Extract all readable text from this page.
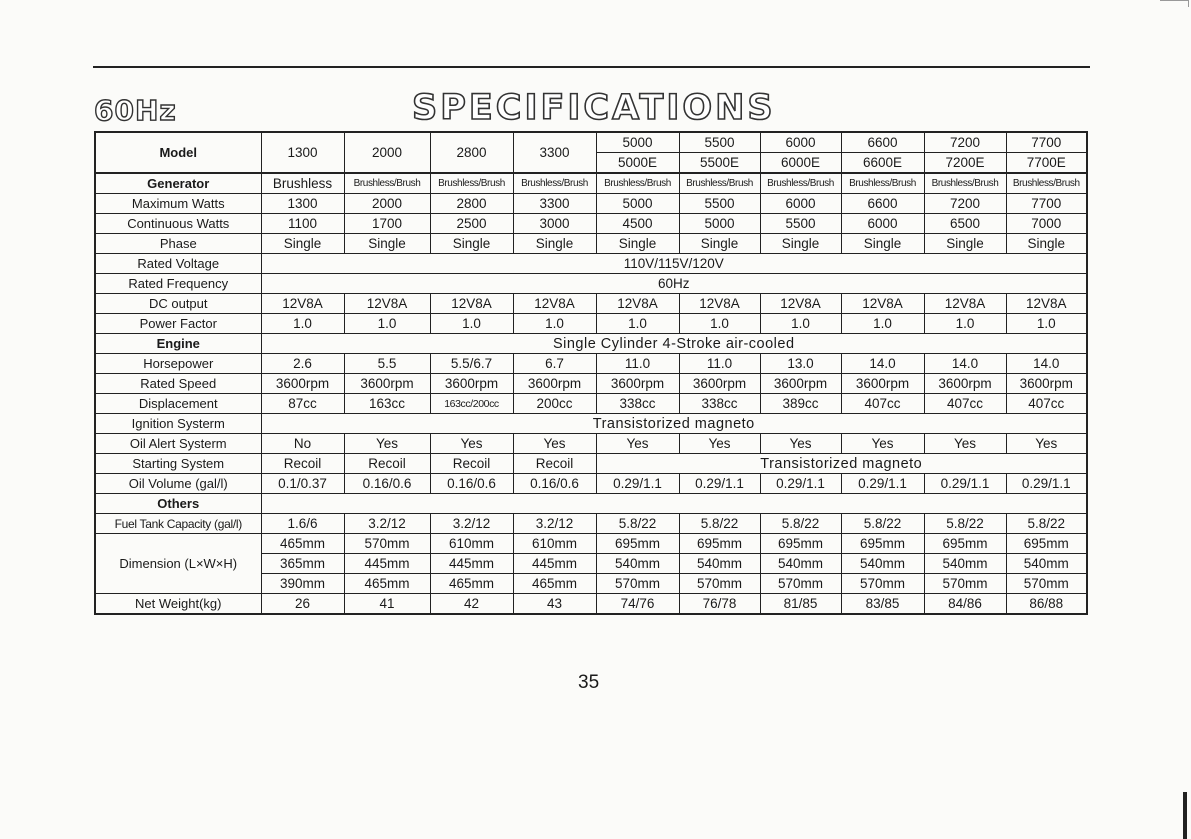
60Hz	SPECIFICATIONS
Model	1300	2000	2800	3300	5000	5500	6000	6600	7200	7700
					5000E	5500E	6000E	6600E	7200E	7700E
Generator	Brushless	Brushless/Brush	Brushless/Brush	Brushless/Brush	Brushless/Brush	Brushless/Brush	Brushless/Brush	Brushless/Brush	Brushless/Brush	Brushless/Brush
Maximum Watts	1300	2000	2800	3300	5000	5500	6000	6600	7200	7700
Continuous Watts	1100	1700	2500	3000	4500	5000	5500	6000	6500	7000
Phase	Single	Single	Single	Single	Single	Single	Single	Single	Single	Single
Rated Voltage	110V/115V/120V									
Rated Frequency	60Hz									
DC output	12V8A	12V8A	12V8A	12V8A	12V8A	12V8A	12V8A	12V8A	12V8A	12V8A
Power Factor	1.0	1.0	1.0	1.0	1.0	1.0	1.0	1.0	1.0	1.0
Engine	Single Cylinder 4-Stroke air-cooled									
Horsepower	2.6	5.5	5.5/6.7	6.7	11.0	11.0	13.0	14.0	14.0	14.0
Rated Speed	3600rpm	3600rpm	3600rpm	3600rpm	3600rpm	3600rpm	3600rpm	3600rpm	3600rpm	3600rpm
Displacement	87cc	163cc	163cc/200cc	200cc	338cc	338cc	389cc	407cc	407cc	407cc
Ignition Systerm	Transistorized magneto									
Oil Alert Systerm	No	Yes	Yes	Yes	Yes	Yes	Yes	Yes	Yes	Yes
Starting System	Recoil	Recoil	Recoil	Recoil	Transistorized magneto					
Oil Volume (gal/l)	0.1/0.37	0.16/0.6	0.16/0.6	0.16/0.6	0.29/1.1	0.29/1.1	0.29/1.1	0.29/1.1	0.29/1.1	0.29/1.1
Others										
Fuel Tank Capacity (gal/l)	1.6/6	3.2/12	3.2/12	3.2/12	5.8/22	5.8/22	5.8/22	5.8/22	5.8/22	5.8/22
Dimension (L×W×H)	465mm	570mm	610mm	610mm	695mm	695mm	695mm	695mm	695mm	695mm
	365mm	445mm	445mm	445mm	540mm	540mm	540mm	540mm	540mm	540mm
	390mm	465mm	465mm	465mm	570mm	570mm	570mm	570mm	570mm	570mm
Net Weight(kg)	26	41	42	43	74/76	76/78	81/85	83/85	84/86	86/88
35
